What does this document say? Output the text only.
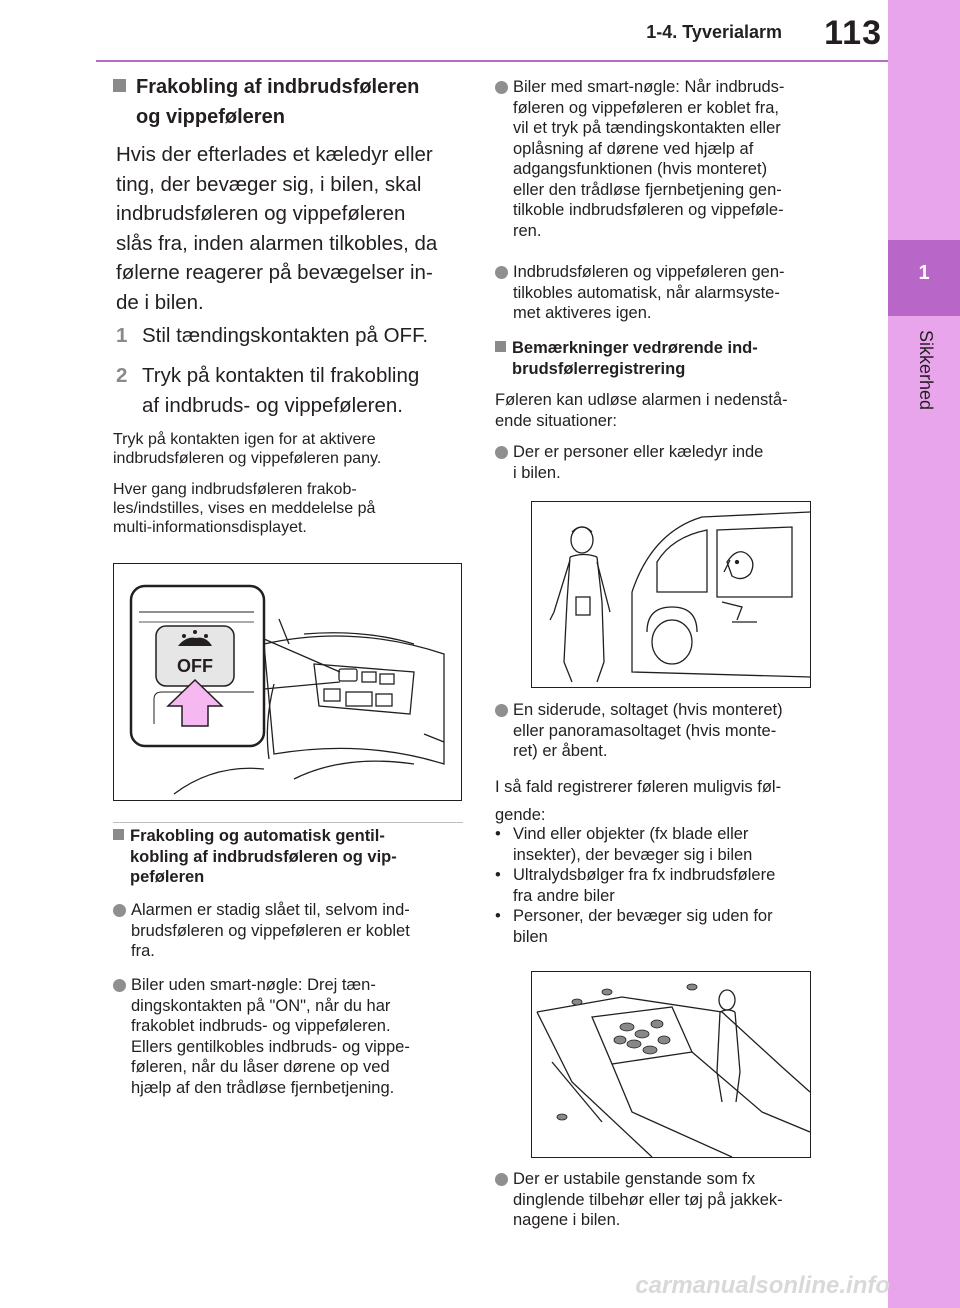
1-4. Tyverialarm	113
1
Sikkerhed
Frakobling af indbrudsføleren
og vippeføleren
Hvis der efterlades et kæledyr eller
ting, der bevæger sig, i bilen, skal
indbrudsføleren og vippeføleren
slås fra, inden alarmen tilkobles, da
følerne reagerer på bevægelser in-
de i bilen.
1 Stil tændingskontakten på OFF.
2 Tryk på kontakten til frakobling
af indbruds- og vippeføleren.
Tryk på kontakten igen for at aktivere
indbrudsføleren og vippeføleren pany.
Hver gang indbrudsføleren frakob-
les/indstilles, vises en meddelelse på
multi-informationsdisplayet.
OFF
Frakobling og automatisk gentil-
kobling af indbrudsføleren og vip-
peføleren
Alarmen er stadig slået til, selvom ind-
brudsføleren og vippeføleren er koblet
fra.
Biler uden smart-nøgle: Drej tæn-
dingskontakten på "ON", når du har
frakoblet indbruds- og vippeføleren.
Ellers gentilkobles indbruds- og vippe-
føleren, når du låser dørene op ved
hjælp af den trådløse fjernbetjening.
Biler med smart-nøgle: Når indbruds-
føleren og vippeføleren er koblet fra,
vil et tryk på tændingskontakten eller
oplåsning af dørene ved hjælp af
adgangsfunktionen (hvis monteret)
eller den trådløse fjernbetjening gen-
tilkoble indbrudsføleren og vippeføle-
ren.
Indbrudsføleren og vippeføleren gen-
tilkobles automatisk, når alarmsyste-
met aktiveres igen.
Bemærkninger vedrørende ind-
brudsfølerregistrering
Føleren kan udløse alarmen i nedenstå-
ende situationer:
Der er personer eller kæledyr inde
i bilen.
En siderude, soltaget (hvis monteret)
eller panoramasoltaget (hvis monte-
ret) er åbent.
I så fald registrerer føleren muligvis føl-
gende:
• Vind eller objekter (fx blade eller
insekter), der bevæger sig i bilen
• Ultralydsbølger fra fx indbrudsfølere
fra andre biler
• Personer, der bevæger sig uden for
bilen
Der er ustabile genstande som fx
dinglende tilbehør eller tøj på jakkek-
nagene i bilen.
carmanualsonline.info
